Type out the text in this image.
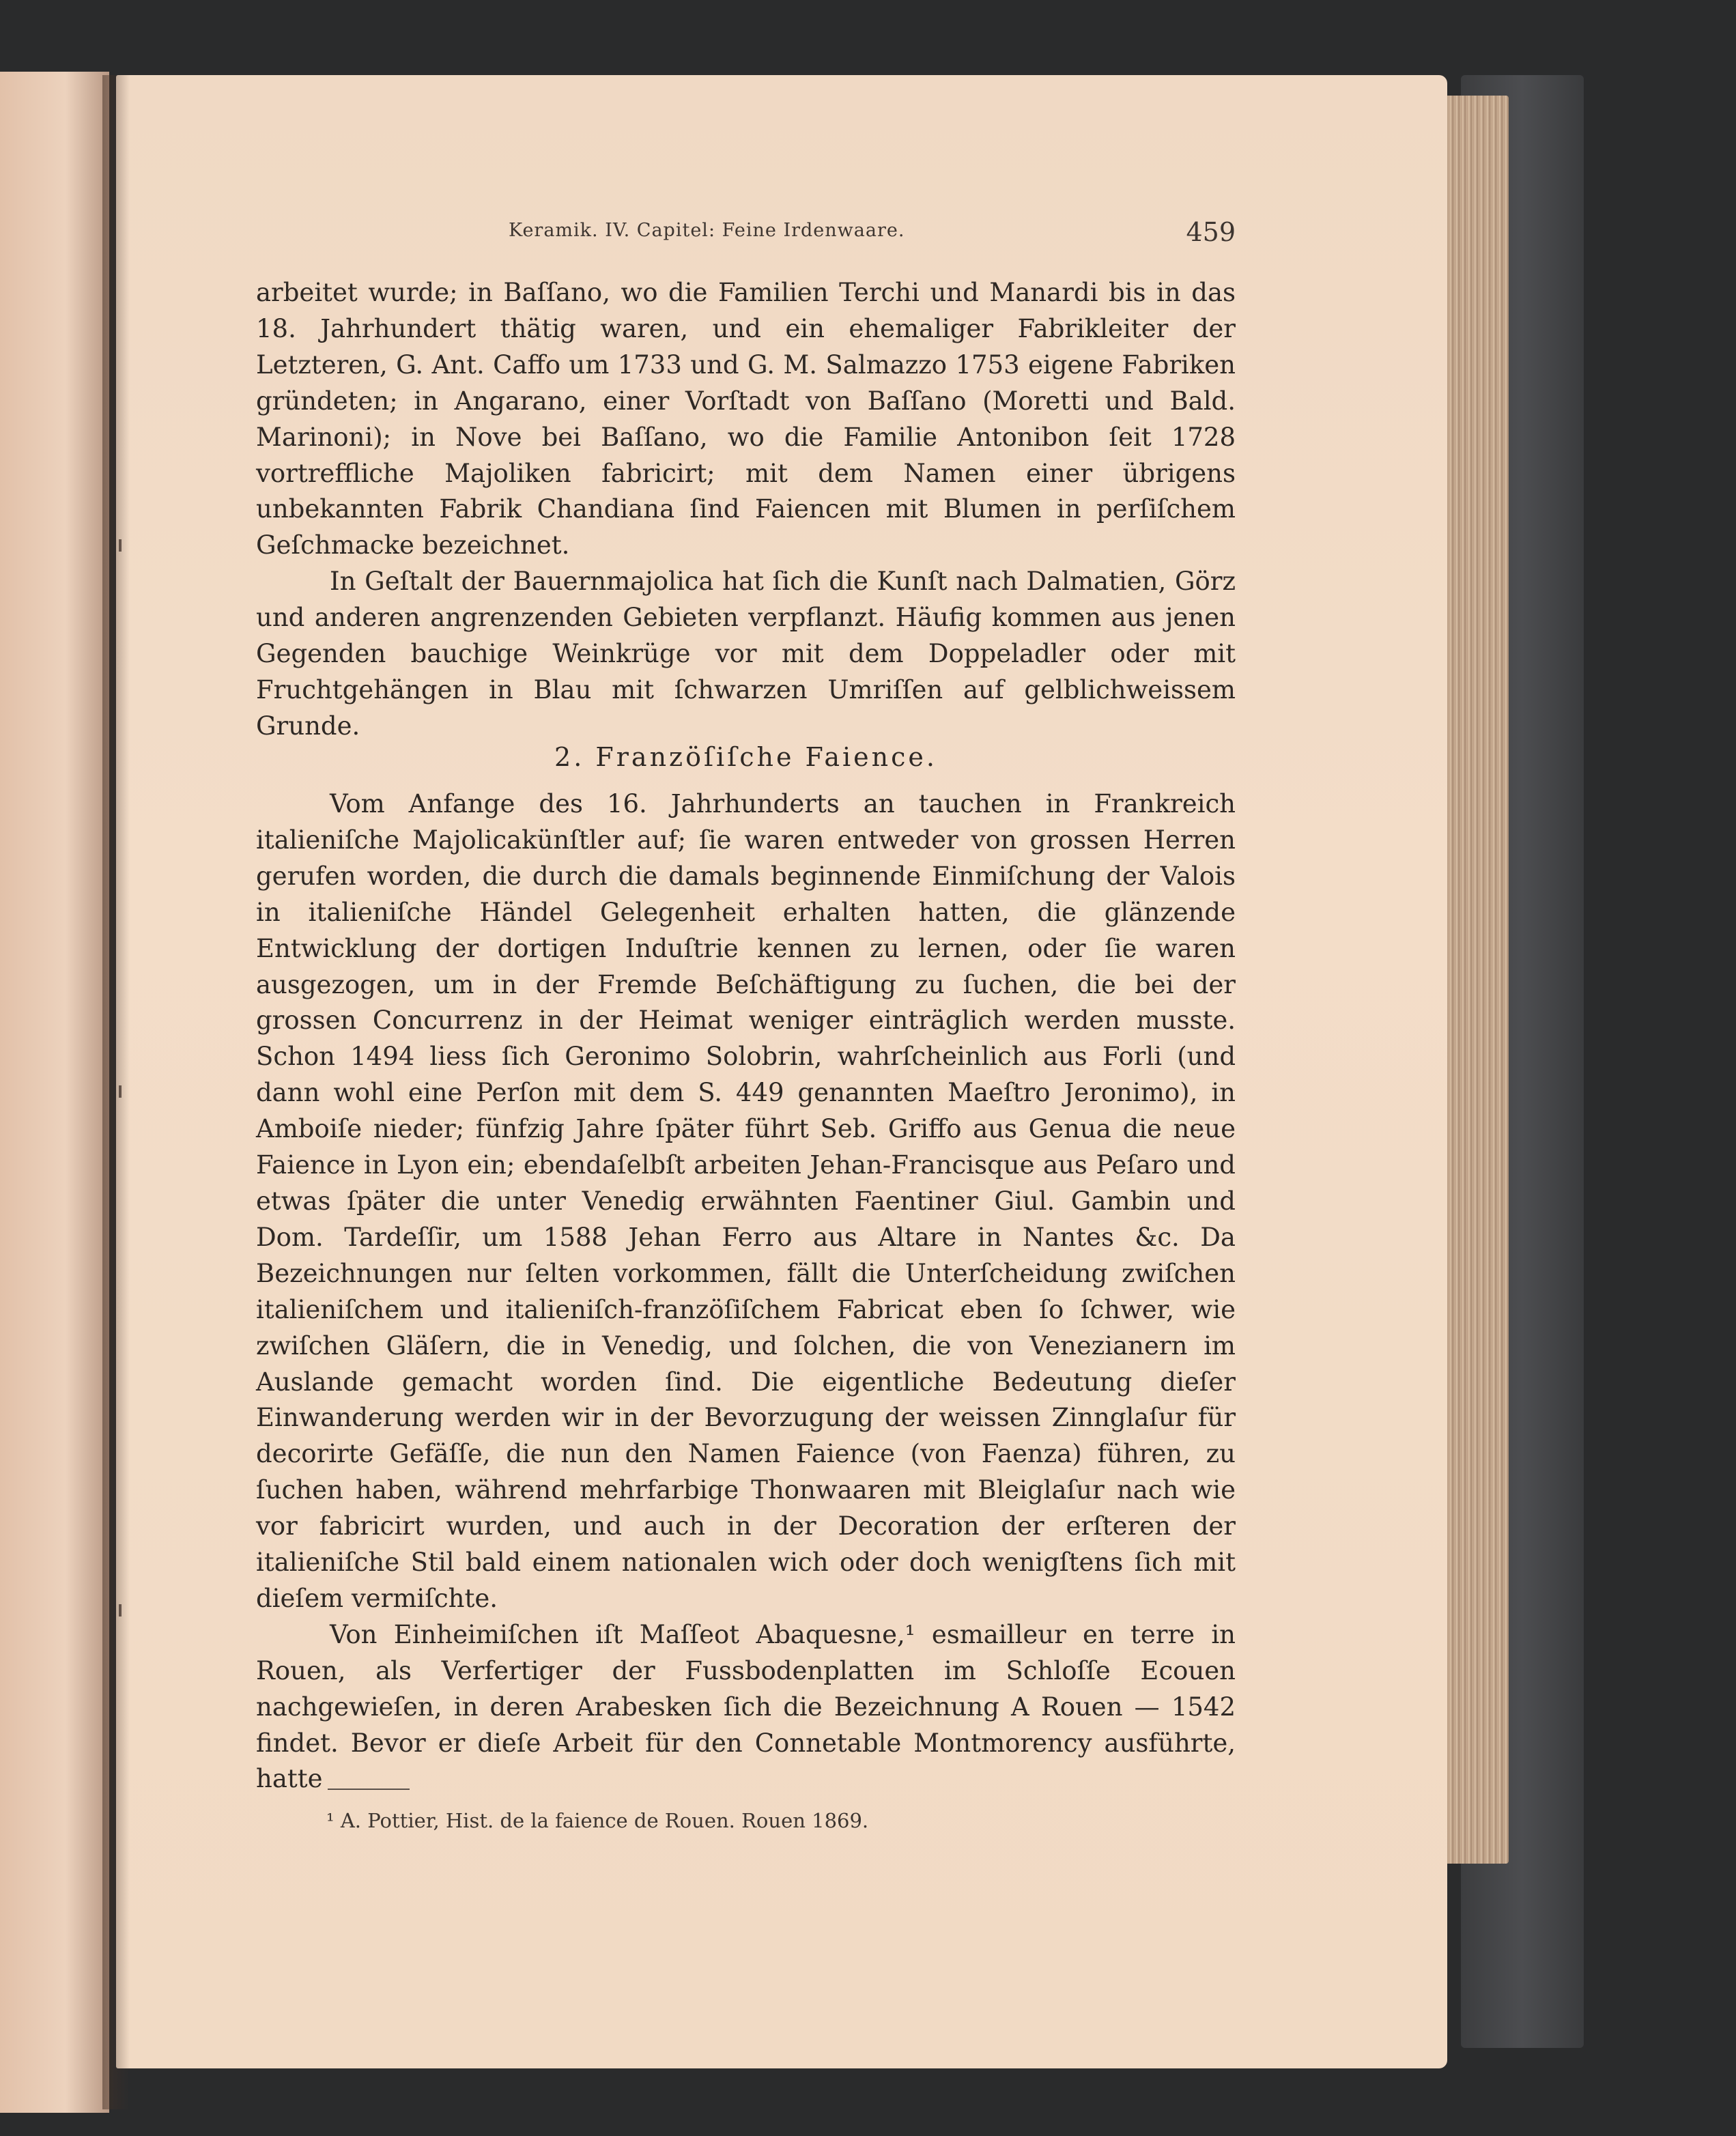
Keramik. IV. Capitel: Feine Irdenwaare.	459

arbeitet wurde; in Baſſano, wo die Familien Terchi und Manardi bis in das 18. Jahrhundert thätig waren, und ein ehemaliger Fabrikleiter der Letzteren, G. Ant. Caffo um 1733 und G. M. Salmazzo 1753 eigene Fabriken gründeten; in Angarano, einer Vorſtadt von Baſſano (Moretti und Bald. Marinoni); in Nove bei Baſſano, wo die Familie Antonibon ſeit 1728 vortreffliche Majoliken fabricirt; mit dem Namen einer übrigens unbekannten Fabrik Chandiana ſind Faiencen mit Blumen in perſiſchem Geſchmacke bezeichnet.

In Geſtalt der Bauernmajolica hat ſich die Kunſt nach Dalmatien, Görz und anderen angrenzenden Gebieten verpflanzt. Häufig kommen aus jenen Gegenden bauchige Weinkrüge vor mit dem Doppeladler oder mit Fruchtgehängen in Blau mit ſchwarzen Umriſſen auf gelblichweissem Grunde.

2. Franzöſiſche Faience.

Vom Anfange des 16. Jahrhunderts an tauchen in Frankreich italieniſche Majolicakünſtler auf; ſie waren entweder von grossen Herren gerufen worden, die durch die damals beginnende Einmiſchung der Valois in italieniſche Händel Gelegenheit erhalten hatten, die glänzende Entwicklung der dortigen Induſtrie kennen zu lernen, oder ſie waren ausgezogen, um in der Fremde Beſchäftigung zu ſuchen, die bei der grossen Concurrenz in der Heimat weniger einträglich werden musste. Schon 1494 liess ſich Geronimo Solobrin, wahrſcheinlich aus Forli (und dann wohl eine Perſon mit dem S. 449 genannten Maeſtro Jeronimo), in Amboiſe nieder; fünfzig Jahre ſpäter führt Seb. Griffo aus Genua die neue Faience in Lyon ein; ebendaſelbſt arbeiten Jehan-Francisque aus Peſaro und etwas ſpäter die unter Venedig erwähnten Faentiner Giul. Gambin und Dom. Tardeſſir, um 1588 Jehan Ferro aus Altare in Nantes &c. Da Bezeichnungen nur ſelten vorkommen, fällt die Unterſcheidung zwiſchen italieniſchem und italieniſch-franzöſiſchem Fabricat eben ſo ſchwer, wie zwiſchen Gläſern, die in Venedig, und ſolchen, die von Venezianern im Auslande gemacht worden ſind. Die eigentliche Bedeutung dieſer Einwanderung werden wir in der Bevorzugung der weissen Zinnglaſur für decorirte Gefäſſe, die nun den Namen Faience (von Faenza) führen, zu ſuchen haben, während mehrfarbige Thonwaaren mit Bleiglaſur nach wie vor fabricirt wurden, und auch in der Decoration der erſteren der italieniſche Stil bald einem nationalen wich oder doch wenigſtens ſich mit dieſem vermiſchte.

Von Einheimiſchen iſt Maſſeot Abaquesne,¹ esmailleur en terre in Rouen, als Verfertiger der Fussbodenplatten im Schloſſe Ecouen nachgewieſen, in deren Arabesken ſich die Bezeichnung A Rouen — 1542 findet. Bevor er dieſe Arbeit für den Connetable Montmorency ausführte, hatte

¹ A. Pottier, Hist. de la faience de Rouen. Rouen 1869.
